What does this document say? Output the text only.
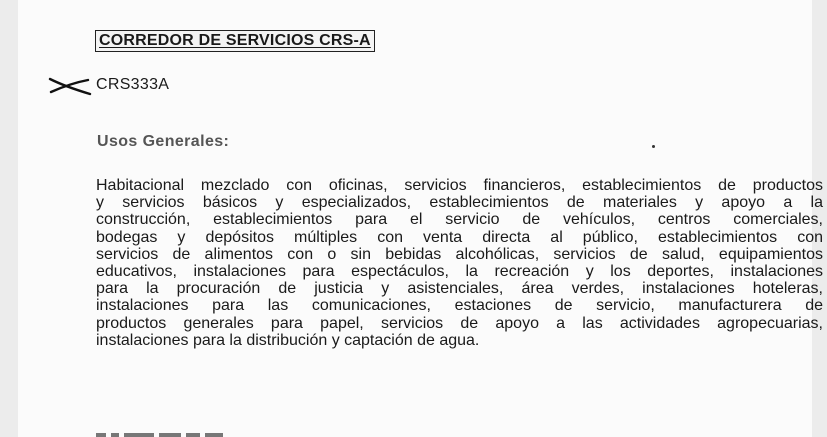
CORREDOR DE SERVICIOS CRS-A
CRS333A
Usos Generales:
Habitacional mezclado con oficinas, servicios financieros, establecimientos de productos
y servicios básicos y especializados, establecimientos de materiales y apoyo a la
construcción, establecimientos para el servicio de vehículos, centros comerciales,
bodegas y depósitos múltiples con venta directa al público, establecimientos con
servicios de alimentos con o sin bebidas alcohólicas, servicios de salud, equipamientos
educativos, instalaciones para espectáculos, la recreación y los deportes, instalaciones
para la procuración de justicia y asistenciales, área verdes, instalaciones hoteleras,
instalaciones para las comunicaciones, estaciones de servicio, manufacturera de
productos generales para papel, servicios de apoyo a las actividades agropecuarias,
instalaciones para la distribución y captación de agua.
